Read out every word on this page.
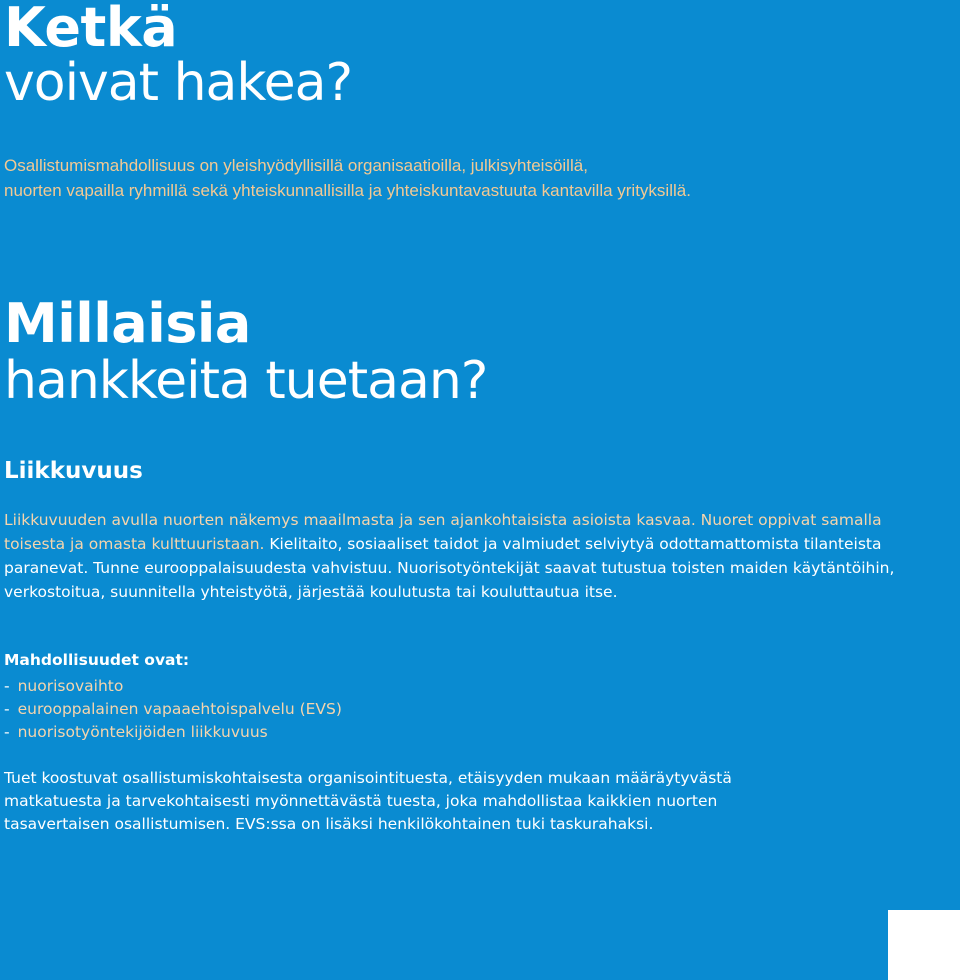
Ketkä
voivat hakea?
Osallistumismahdollisuus on yleishyödyllisillä organisaatioilla, julkisyhteisöillä,
nuorten vapailla ryhmillä sekä yhteiskunnallisilla ja yhteiskuntavastuuta kantavilla yrityksillä.
Millaisia
hankkeita tuetaan?
Liikkuvuus
Liikkuvuuden avulla nuorten näkemys maailmasta ja sen ajankohtaisista asioista kasvaa. Nuoret oppivat samalla toisesta ja omasta kulttuuristaan. Kielitaito, sosiaaliset taidot ja valmiudet selviytyä odottamattomista tilanteista paranevat. Tunne eurooppalaisuudesta vahvistuu. Nuorisotyöntekijät saavat tutustua toisten maiden käytäntöihin, verkostoitua, suunnitella yhteistyötä, järjestää koulutusta tai kouluttautua itse.
Mahdollisuudet ovat:
- nuorisovaihto
- eurooppalainen vapaaehtoispalvelu (EVS)
- nuorisotyöntekijöiden liikkuvuus
Tuet koostuvat osallistumiskohtaisesta organisointituesta, etäisyyden mukaan määräytyvästä
matkatuesta ja tarvekohtaisesti myönnettävästä tuesta, joka mahdollistaa kaikkien nuorten
tasavertaisen osallistumisen. EVS:ssa on lisäksi henkilökohtainen tuki taskurahaksi.
